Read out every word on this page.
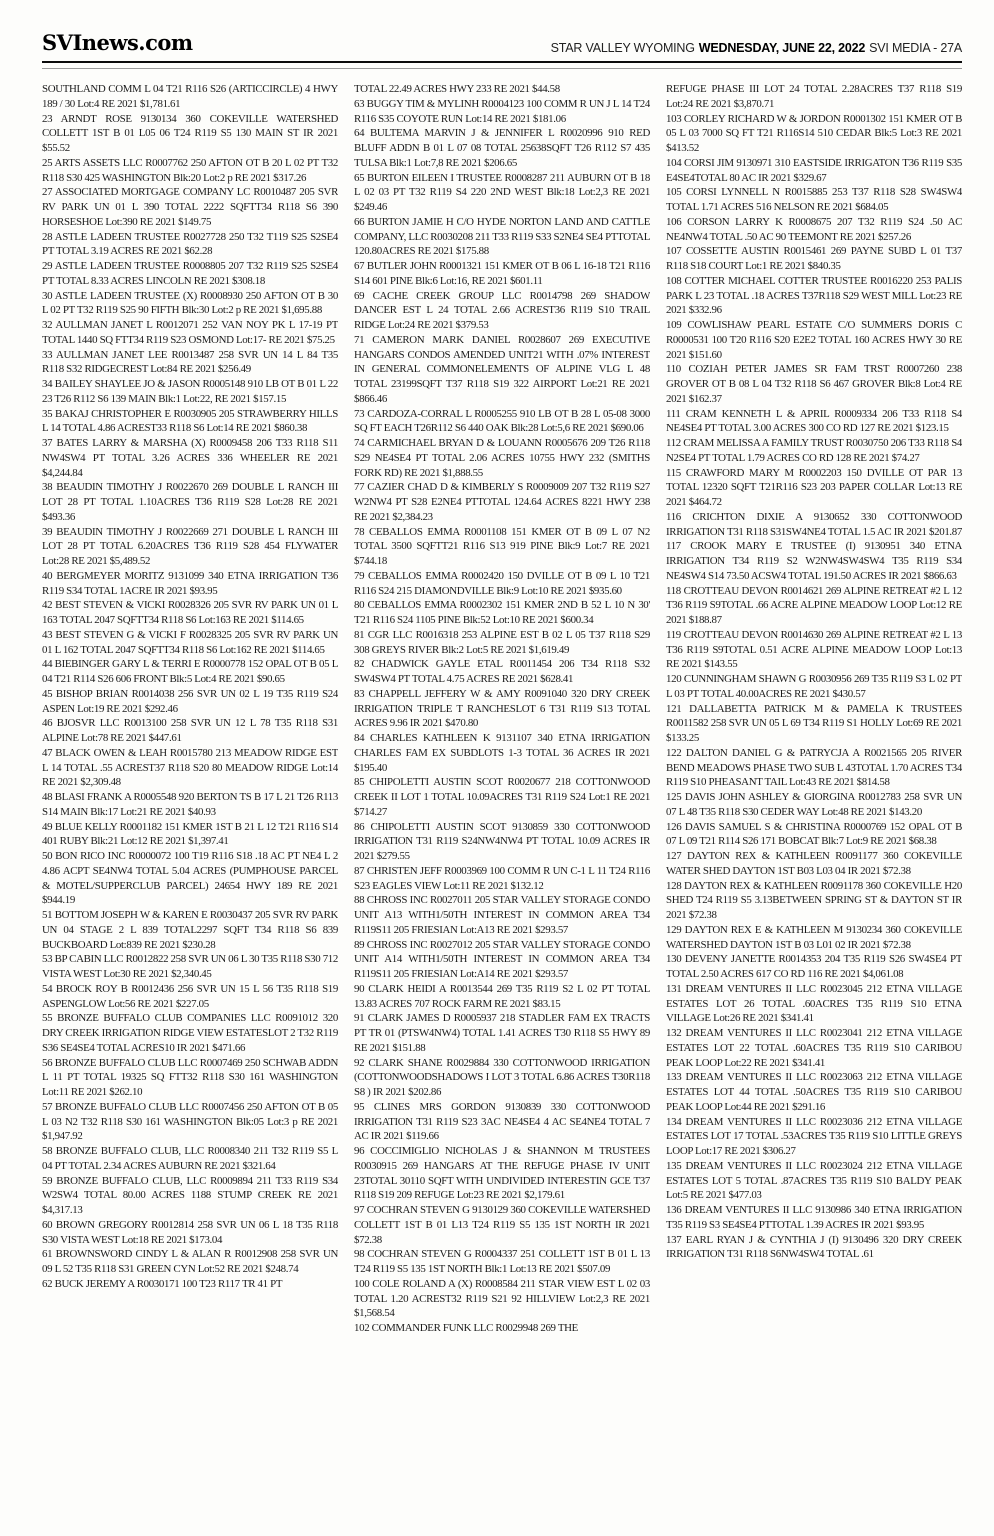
SVInews.com	STAR VALLEY WYOMING WEDNESDAY, JUNE 22, 2022 SVI MEDIA - 27A

SOUTHLAND COMM L 04 T21 R116 S26 (ARTICCIRCLE) 4 HWY 189 / 30 Lot:4 RE 2021 $1,781.61

23 ARNDT ROSE 9130134 360 COKEVILLE WATERSHED COLLETT 1ST B 01 L05 06 T24 R119 S5 130 MAIN ST IR 2021 $55.52

25 ARTS ASSETS LLC R0007762 250 AFTON OT B 20 L 02 PT T32 R118 S30 425 WASHINGTON Blk:20 Lot:2 p RE 2021 $317.26

27 ASSOCIATED MORTGAGE COMPANY LC R0010487 205 SVR RV PARK UN 01 L 390 TOTAL 2222 SQFTT34 R118 S6 390 HORSESHOE Lot:390 RE 2021 $149.75

28 ASTLE LADEEN TRUSTEE R0027728 250 T32 T119 S25 S2SE4 PT TOTAL 3.19 ACRES RE 2021 $62.28

29 ASTLE LADEEN TRUSTEE R0008805 207 T32 R119 S25 S2SE4 PT TOTAL 8.33 ACRES LINCOLN RE 2021 $308.18

30 ASTLE LADEEN TRUSTEE (X) R0008930 250 AFTON OT B 30 L 02 PT T32 R119 S25 90 FIFTH Blk:30 Lot:2 p RE 2021 $1,695.88

32 AULLMAN JANET L R0012071 252 VAN NOY PK L 17-19 PT TOTAL 1440 SQ FTT34 R119 S23 OSMOND Lot:17- RE 2021 $75.25

33 AULLMAN JANET LEE R0013487 258 SVR UN 14 L 84 T35 R118 S32 RIDGECREST Lot:84 RE 2021 $256.49

34 BAILEY SHAYLEE JO & JASON R0005148 910 LB OT B 01 L 22 23 T26 R112 S6 139 MAIN Blk:1 Lot:22, RE 2021 $157.15

35 BAKAJ CHRISTOPHER E R0030905 205 STRAWBERRY HILLS L 14 TOTAL 4.86 ACREST33 R118 S6 Lot:14 RE 2021 $860.38

37 BATES LARRY & MARSHA (X) R0009458 206 T33 R118 S11 NW4SW4 PT TOTAL 3.26 ACRES 336 WHEELER RE 2021 $4,244.84

38 BEAUDIN TIMOTHY J R0022670 269 DOUBLE L RANCH III LOT 28 PT TOTAL 1.10ACRES T36 R119 S28 Lot:28 RE 2021 $493.36

39 BEAUDIN TIMOTHY J R0022669 271 DOUBLE L RANCH III LOT 28 PT TOTAL 6.20ACRES T36 R119 S28 454 FLYWATER Lot:28 RE 2021 $5,489.52

40 BERGMEYER MORITZ 9131099 340 ETNA IRRIGATION T36 R119 S34 TOTAL 1ACRE IR 2021 $93.95

42 BEST STEVEN & VICKI R0028326 205 SVR RV PARK UN 01 L 163 TOTAL 2047 SQFTT34 R118 S6 Lot:163 RE 2021 $114.65

43 BEST STEVEN G & VICKI F R0028325 205 SVR RV PARK UN 01 L 162 TOTAL 2047 SQFTT34 R118 S6 Lot:162 RE 2021 $114.65

44 BIEBINGER GARY L & TERRI E R0000778 152 OPAL OT B 05 L 04 T21 R114 S26 606 FRONT Blk:5 Lot:4 RE 2021 $90.65

45 BISHOP BRIAN R0014038 256 SVR UN 02 L 19 T35 R119 S24 ASPEN Lot:19 RE 2021 $292.46

46 BJOSVR LLC R0013100 258 SVR UN 12 L 78 T35 R118 S31 ALPINE Lot:78 RE 2021 $447.61

47 BLACK OWEN & LEAH R0015780 213 MEADOW RIDGE EST L 14 TOTAL .55 ACREST37 R118 S20 80 MEADOW RIDGE Lot:14 RE 2021 $2,309.48

48 BLASI FRANK A R0005548 920 BERTON TS B 17 L 21 T26 R113 S14 MAIN Blk:17 Lot:21 RE 2021 $40.93

49 BLUE KELLY R0001182 151 KMER 1ST B 21 L 12 T21 R116 S14 401 RUBY Blk:21 Lot:12 RE 2021 $1,397.41

50 BON RICO INC R0000072 100 T19 R116 S18 .18 AC PT NE4 L 2 4.86 ACPT SE4NW4 TOTAL 5.04 ACRES (PUMPHOUSE PARCEL & MOTEL/SUPPERCLUB PARCEL) 24654 HWY 189 RE 2021 $944.19

51 BOTTOM JOSEPH W & KAREN E R0030437 205 SVR RV PARK UN 04 STAGE 2 L 839 TOTAL2297 SQFT T34 R118 S6 839 BUCKBOARD Lot:839 RE 2021 $230.28

53 BP CABIN LLC R0012822 258 SVR UN 06 L 30 T35 R118 S30 712 VISTA WEST Lot:30 RE 2021 $2,340.45

54 BROCK ROY B R0012436 256 SVR UN 15 L 56 T35 R118 S19 ASPENGLOW Lot:56 RE 2021 $227.05

55 BRONZE BUFFALO CLUB COMPANIES LLC R0091012 320 DRY CREEK IRRIGATION RIDGE VIEW ESTATESLOT 2 T32 R119 S36 SE4SE4 TOTAL ACRES10 IR 2021 $471.66

56 BRONZE BUFFALO CLUB LLC R0007469 250 SCHWAB ADDN L 11 PT TOTAL 19325 SQ FTT32 R118 S30 161 WASHINGTON Lot:11 RE 2021 $262.10

57 BRONZE BUFFALO CLUB LLC R0007456 250 AFTON OT B 05 L 03 N2 T32 R118 S30 161 WASHINGTON Blk:05 Lot:3 p RE 2021 $1,947.92

58 BRONZE BUFFALO CLUB, LLC R0008340 211 T32 R119 S5 L 04 PT TOTAL 2.34 ACRES AUBURN RE 2021 $321.64

59 BRONZE BUFFALO CLUB, LLC R0009894 211 T33 R119 S34 W2SW4 TOTAL 80.00 ACRES 1188 STUMP CREEK RE 2021 $4,317.13

60 BROWN GREGORY R0012814 258 SVR UN 06 L 18 T35 R118 S30 VISTA WEST Lot:18 RE 2021 $173.04

61 BROWNSWORD CINDY L & ALAN R R0012908 258 SVR UN 09 L 52 T35 R118 S31 GREEN CYN Lot:52 RE 2021 $248.74

62 BUCK JEREMY A R0030171 100 T23 R117 TR 41 PT

TOTAL 22.49 ACRES HWY 233 RE 2021 $44.58

63 BUGGY TIM & MYLINH R0004123 100 COMM R UN J L 14 T24 R116 S35 COYOTE RUN Lot:14 RE 2021 $181.06

64 BULTEMA MARVIN J & JENNIFER L R0020996 910 RED BLUFF ADDN B 01 L 07 08 TOTAL 25638SQFT T26 R112 S7 435 TULSA Blk:1 Lot:7,8 RE 2021 $206.65

65 BURTON EILEEN I TRUSTEE R0008287 211 AUBURN OT B 18 L 02 03 PT T32 R119 S4 220 2ND WEST Blk:18 Lot:2,3 RE 2021 $249.46

66 BURTON JAMIE H C/O HYDE NORTON LAND AND CATTLE COMPANY, LLC R0030208 211 T33 R119 S33 S2NE4 SE4 PTTOTAL 120.80ACRES RE 2021 $175.88

67 BUTLER JOHN R0001321 151 KMER OT B 06 L 16-18 T21 R116 S14 601 PINE Blk:6 Lot:16, RE 2021 $601.11

69 CACHE CREEK GROUP LLC R0014798 269 SHADOW DANCER EST L 24 TOTAL 2.66 ACREST36 R119 S10 TRAIL RIDGE Lot:24 RE 2021 $379.53

71 CAMERON MARK DANIEL R0028607 269 EXECUTIVE HANGARS CONDOS AMENDED UNIT21 WITH .07% INTEREST IN GENERAL COMMONELEMENTS OF ALPINE VLG L 48 TOTAL 23199SQFT T37 R118 S19 322 AIRPORT Lot:21 RE 2021 $866.46

73 CARDOZA-CORRAL L R0005255 910 LB OT B 28 L 05-08 3000 SQ FT EACH T26R112 S6 440 OAK Blk:28 Lot:5,6 RE 2021 $690.06

74 CARMICHAEL BRYAN D & LOUANN R0005676 209 T26 R118 S29 NE4SE4 PT TOTAL 2.06 ACRES 10755 HWY 232 (SMITHS FORK RD) RE 2021 $1,888.55

77 CAZIER CHAD D & KIMBERLY S R0009009 207 T32 R119 S27 W2NW4 PT S28 E2NE4 PTTOTAL 124.64 ACRES 8221 HWY 238 RE 2021 $2,384.23

78 CEBALLOS EMMA R0001108 151 KMER OT B 09 L 07 N2 TOTAL 3500 SQFTT21 R116 S13 919 PINE Blk:9 Lot:7 RE 2021 $744.18

79 CEBALLOS EMMA R0002420 150 DVILLE OT B 09 L 10 T21 R116 S24 215 DIAMONDVILLE Blk:9 Lot:10 RE 2021 $935.60

80 CEBALLOS EMMA R0002302 151 KMER 2ND B 52 L 10 N 30' T21 R116 S24 1105 PINE Blk:52 Lot:10 RE 2021 $600.34

81 CGR LLC R0016318 253 ALPINE EST B 02 L 05 T37 R118 S29 308 GREYS RIVER Blk:2 Lot:5 RE 2021 $1,619.49

82 CHADWICK GAYLE ETAL R0011454 206 T34 R118 S32 SW4SW4 PT TOTAL 4.75 ACRES RE 2021 $628.41

83 CHAPPELL JEFFERY W & AMY R0091040 320 DRY CREEK IRRIGATION TRIPLE T RANCHESLOT 6 T31 R119 S13 TOTAL ACRES 9.96 IR 2021 $470.80

84 CHARLES KATHLEEN K 9131107 340 ETNA IRRIGATION CHARLES FAM EX SUBDLOTS 1-3 TOTAL 36 ACRES IR 2021 $195.40

85 CHIPOLETTI AUSTIN SCOT R0020677 218 COTTONWOOD CREEK II LOT 1 TOTAL 10.09ACRES T31 R119 S24 Lot:1 RE 2021 $714.27

86 CHIPOLETTI AUSTIN SCOT 9130859 330 COTTONWOOD IRRIGATION T31 R119 S24NW4NW4 PT TOTAL 10.09 ACRES IR 2021 $279.55

87 CHRISTEN JEFF R0003969 100 COMM R UN C-1 L 11 T24 R116 S23 EAGLES VIEW Lot:11 RE 2021 $132.12

88 CHROSS INC R0027011 205 STAR VALLEY STORAGE CONDO UNIT A13 WITH1/50TH INTEREST IN COMMON AREA T34 R119S11 205 FRIESIAN Lot:A13 RE 2021 $293.57

89 CHROSS INC R0027012 205 STAR VALLEY STORAGE CONDO UNIT A14 WITH1/50TH INTEREST IN COMMON AREA T34 R119S11 205 FRIESIAN Lot:A14 RE 2021 $293.57

90 CLARK HEIDI A R0013544 269 T35 R119 S2 L 02 PT TOTAL 13.83 ACRES 707 ROCK FARM RE 2021 $83.15

91 CLARK JAMES D R0005937 218 STADLER FAM EX TRACTS PT TR 01 (PTSW4NW4) TOTAL 1.41 ACRES T30 R118 S5 HWY 89 RE 2021 $151.88

92 CLARK SHANE R0029884 330 COTTONWOOD IRRIGATION (COTTONWOODSHADOWS I LOT 3 TOTAL 6.86 ACRES T30R118 S8 ) IR 2021 $202.86

95 CLINES MRS GORDON 9130839 330 COTTONWOOD IRRIGATION T31 R119 S23 3AC NE4SE4 4 AC SE4NE4 TOTAL 7 AC IR 2021 $119.66

96 COCCIMIGLIO NICHOLAS J & SHANNON M TRUSTEES R0030915 269 HANGARS AT THE REFUGE PHASE IV UNIT 23TOTAL 30110 SQFT WITH UNDIVIDED INTERESTIN GCE T37 R118 S19 209 REFUGE Lot:23 RE 2021 $2,179.61

97 COCHRAN STEVEN G 9130129 360 COKEVILLE WATERSHED COLLETT 1ST B 01 L13 T24 R119 S5 135 1ST NORTH IR 2021 $72.38

98 COCHRAN STEVEN G R0004337 251 COLLETT 1ST B 01 L 13 T24 R119 S5 135 1ST NORTH Blk:1 Lot:13 RE 2021 $507.09

100 COLE ROLAND A (X) R0008584 211 STAR VIEW EST L 02 03 TOTAL 1.20 ACREST32 R119 S21 92 HILLVIEW Lot:2,3 RE 2021 $1,568.54

102 COMMANDER FUNK LLC R0029948 269 THE

REFUGE PHASE III LOT 24 TOTAL 2.28ACRES T37 R118 S19 Lot:24 RE 2021 $3,870.71

103 CORLEY RICHARD W & JORDON R0001302 151 KMER OT B 05 L 03 7000 SQ FT T21 R116S14 510 CEDAR Blk:5 Lot:3 RE 2021 $413.52

104 CORSI JIM 9130971 310 EASTSIDE IRRIGATON T36 R119 S35 E4SE4TOTAL 80 AC IR 2021 $329.67

105 CORSI LYNNELL N R0015885 253 T37 R118 S28 SW4SW4 TOTAL 1.71 ACRES 516 NELSON RE 2021 $684.05

106 CORSON LARRY K R0008675 207 T32 R119 S24 .50 AC NE4NW4 TOTAL .50 AC 90 TEEMONT RE 2021 $257.26

107 COSSETTE AUSTIN R0015461 269 PAYNE SUBD L 01 T37 R118 S18 COURT Lot:1 RE 2021 $840.35

108 COTTER MICHAEL COTTER TRUSTEE R0016220 253 PALIS PARK L 23 TOTAL .18 ACRES T37R118 S29 WEST MILL Lot:23 RE 2021 $332.96

109 COWLISHAW PEARL ESTATE C/O SUMMERS DORIS C R0000531 100 T20 R116 S20 E2E2 TOTAL 160 ACRES HWY 30 RE 2021 $151.60

110 COZIAH PETER JAMES SR FAM TRST R0007260 238 GROVER OT B 08 L 04 T32 R118 S6 467 GROVER Blk:8 Lot:4 RE 2021 $162.37

111 CRAM KENNETH L & APRIL R0009334 206 T33 R118 S4 NE4SE4 PT TOTAL 3.00 ACRES 300 CO RD 127 RE 2021 $123.15

112 CRAM MELISSA A FAMILY TRUST R0030750 206 T33 R118 S4 N2SE4 PT TOTAL 1.79 ACRES CO RD 128 RE 2021 $74.27

115 CRAWFORD MARY M R0002203 150 DVILLE OT PAR 13 TOTAL 12320 SQFT T21R116 S23 203 PAPER COLLAR Lot:13 RE 2021 $464.72

116 CRICHTON DIXIE A 9130652 330 COTTONWOOD IRRIGATION T31 R118 S31SW4NE4 TOTAL 1.5 AC IR 2021 $201.87

117 CROOK MARY E TRUSTEE (I) 9130951 340 ETNA IRRIGATION T34 R119 S2 W2NW4SW4SW4 T35 R119 S34 NE4SW4 S14 73.50 ACSW4 TOTAL 191.50 ACRES IR 2021 $866.63

118 CROTTEAU DEVON R0014621 269 ALPINE RETREAT #2 L 12 T36 R119 S9TOTAL .66 ACRE ALPINE MEADOW LOOP Lot:12 RE 2021 $188.87

119 CROTTEAU DEVON R0014630 269 ALPINE RETREAT #2 L 13 T36 R119 S9TOTAL 0.51 ACRE ALPINE MEADOW LOOP Lot:13 RE 2021 $143.55

120 CUNNINGHAM SHAWN G R0030956 269 T35 R119 S3 L 02 PT L 03 PT TOTAL 40.00ACRES RE 2021 $430.57

121 DALLABETTA PATRICK M & PAMELA K TRUSTEES R0011582 258 SVR UN 05 L 69 T34 R119 S1 HOLLY Lot:69 RE 2021 $133.25

122 DALTON DANIEL G & PATRYCJA A R0021565 205 RIVER BEND MEADOWS PHASE TWO SUB L 43TOTAL 1.70 ACRES T34 R119 S10 PHEASANT TAIL Lot:43 RE 2021 $814.58

125 DAVIS JOHN ASHLEY & GIORGINA R0012783 258 SVR UN 07 L 48 T35 R118 S30 CEDER WAY Lot:48 RE 2021 $143.20

126 DAVIS SAMUEL S & CHRISTINA R0000769 152 OPAL OT B 07 L 09 T21 R114 S26 171 BOBCAT Blk:7 Lot:9 RE 2021 $68.38

127 DAYTON REX & KATHLEEN R0091177 360 COKEVILLE WATER SHED DAYTON 1ST B03 L03 04 IR 2021 $72.38

128 DAYTON REX & KATHLEEN R0091178 360 COKEVILLE H20 SHED T24 R119 S5 3.13BETWEEN SPRING ST & DAYTON ST IR 2021 $72.38

129 DAYTON REX E & KATHLEEN M 9130234 360 COKEVILLE WATERSHED DAYTON 1ST B 03 L01 02 IR 2021 $72.38

130 DEVENY JANETTE R0014353 204 T35 R119 S26 SW4SE4 PT TOTAL 2.50 ACRES 617 CO RD 116 RE 2021 $4,061.08

131 DREAM VENTURES II LLC R0023045 212 ETNA VILLAGE ESTATES LOT 26 TOTAL .60ACRES T35 R119 S10 ETNA VILLAGE Lot:26 RE 2021 $341.41

132 DREAM VENTURES II LLC R0023041 212 ETNA VILLAGE ESTATES LOT 22 TOTAL .60ACRES T35 R119 S10 CARIBOU PEAK LOOP Lot:22 RE 2021 $341.41

133 DREAM VENTURES II LLC R0023063 212 ETNA VILLAGE ESTATES LOT 44 TOTAL .50ACRES T35 R119 S10 CARIBOU PEAK LOOP Lot:44 RE 2021 $291.16

134 DREAM VENTURES II LLC R0023036 212 ETNA VILLAGE ESTATES LOT 17 TOTAL .53ACRES T35 R119 S10 LITTLE GREYS LOOP Lot:17 RE 2021 $306.27

135 DREAM VENTURES II LLC R0023024 212 ETNA VILLAGE ESTATES LOT 5 TOTAL .87ACRES T35 R119 S10 BALDY PEAK Lot:5 RE 2021 $477.03

136 DREAM VENTURES II LLC 9130986 340 ETNA IRRIGATION T35 R119 S3 SE4SE4 PTTOTAL 1.39 ACRES IR 2021 $93.95

137 EARL RYAN J & CYNTHIA J (I) 9130496 320 DRY CREEK IRRIGATION T31 R118 S6NW4SW4 TOTAL .61
